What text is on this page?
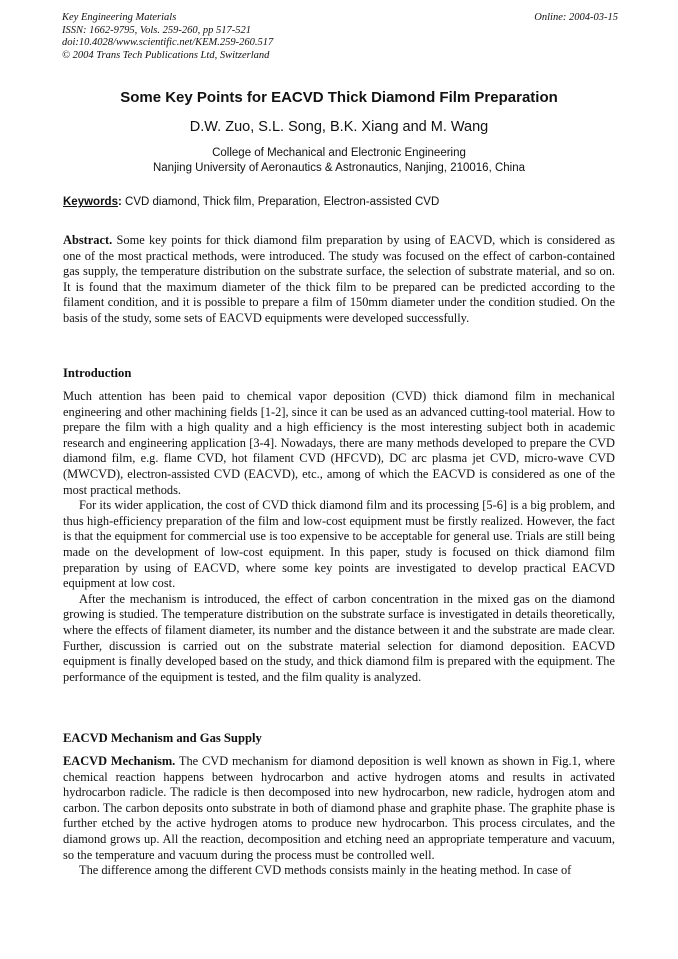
Key Engineering Materials
ISSN: 1662-9795, Vols. 259-260, pp 517-521
doi:10.4028/www.scientific.net/KEM.259-260.517
© 2004 Trans Tech Publications Ltd, Switzerland
Online: 2004-03-15
Some Key Points for EACVD Thick Diamond Film Preparation
D.W. Zuo, S.L. Song, B.K. Xiang and M. Wang
College of Mechanical and Electronic Engineering
Nanjing University of Aeronautics & Astronautics, Nanjing, 210016, China
Keywords: CVD diamond, Thick film, Preparation, Electron-assisted CVD

Abstract. Some key points for thick diamond film preparation by using of EACVD, which is considered as one of the most practical methods, were introduced. The study was focused on the effect of carbon-contained gas supply, the temperature distribution on the substrate surface, the selection of substrate material, and so on. It is found that the maximum diameter of the thick film to be prepared can be predicted according to the filament condition, and it is possible to prepare a film of 150mm diameter under the condition studied. On the basis of the study, some sets of EACVD equipments were developed successfully.

Introduction

Much attention has been paid to chemical vapor deposition (CVD) thick diamond film in mechanical engineering and other machining fields [1-2], since it can be used as an advanced cutting-tool material. How to prepare the film with a high quality and a high efficiency is the most interesting subject both in academic research and engineering application [3-4]. Nowadays, there are many methods developed to prepare the CVD diamond film, e.g. flame CVD, hot filament CVD (HFCVD), DC arc plasma jet CVD, micro-wave CVD (MWCVD), electron-assisted CVD (EACVD), etc., among of which the EACVD is considered as one of the most practical methods.

For its wider application, the cost of CVD thick diamond film and its processing [5-6] is a big problem, and thus high-efficiency preparation of the film and low-cost equipment must be firstly realized. However, the fact is that the equipment for commercial use is too expensive to be acceptable for general use. Trials are still being made on the development of low-cost equipment. In this paper, study is focused on thick diamond film preparation by using of EACVD, where some key points are investigated to develop practical EACVD equipment at low cost.

After the mechanism is introduced, the effect of carbon concentration in the mixed gas on the diamond growing is studied. The temperature distribution on the substrate surface is investigated in details theoretically, where the effects of filament diameter, its number and the distance between it and the substrate are made clear. Further, discussion is carried out on the substrate material selection for diamond deposition. EACVD equipment is finally developed based on the study, and thick diamond film is prepared with the equipment. The performance of the equipment is tested, and the film quality is analyzed.

EACVD Mechanism and Gas Supply

EACVD Mechanism. The CVD mechanism for diamond deposition is well known as shown in Fig.1, where chemical reaction happens between hydrocarbon and active hydrogen atoms and results in activated hydrocarbon radicle. The radicle is then decomposed into new hydrocarbon, new radicle, hydrogen atom and carbon. The carbon deposits onto substrate in both of diamond phase and graphite phase. The graphite phase is further etched by the active hydrogen atoms to produce new hydrocarbon. This process circulates, and the diamond grows up. All the reaction, decomposition and etching need an appropriate temperature and vacuum, so the temperature and vacuum during the process must be controlled well.

The difference among the different CVD methods consists mainly in the heating method. In case of
